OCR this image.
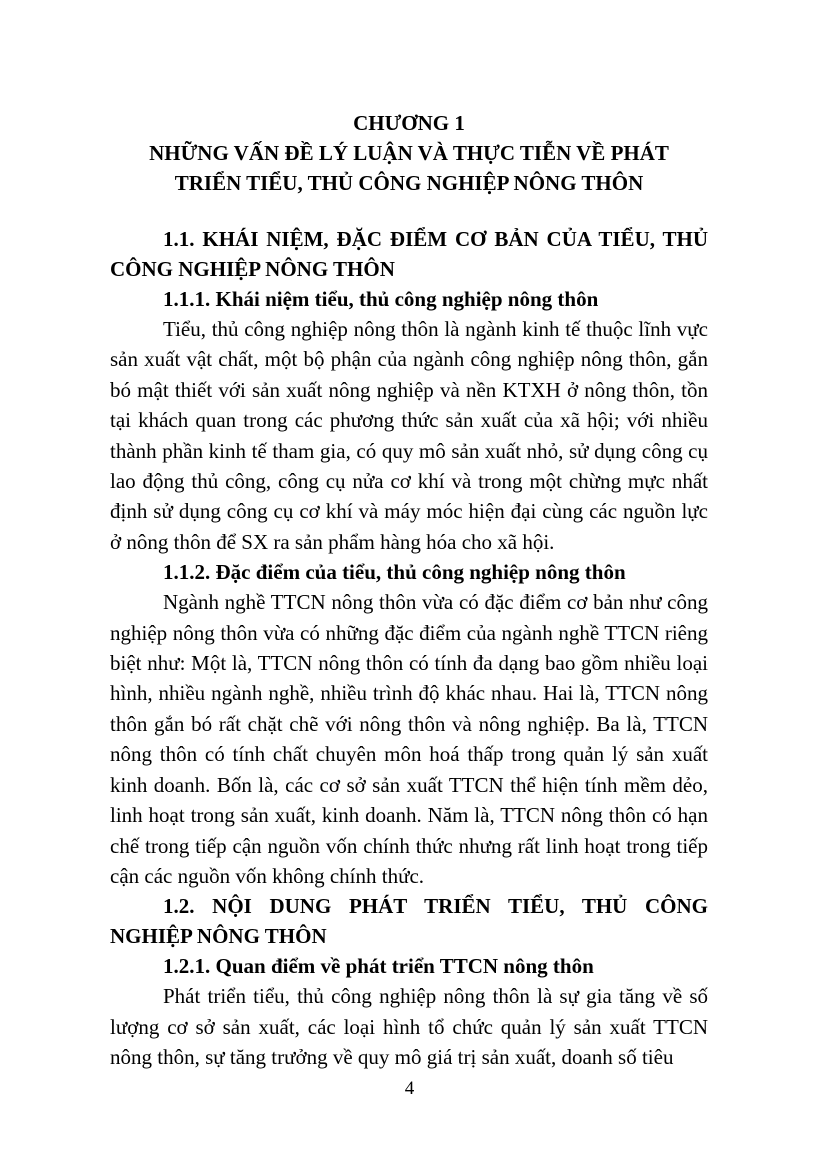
CHƯƠNG 1
NHỮNG VẤN ĐỀ LÝ LUẬN VÀ THỰC TIỄN VỀ PHÁT
TRIỂN TIỂU, THỦ CÔNG NGHIỆP NÔNG THÔN
1.1. KHÁI NIỆM, ĐẶC ĐIỂM CƠ BẢN CỦA TIỂU, THỦ CÔNG NGHIỆP NÔNG THÔN
1.1.1. Khái niệm tiểu, thủ công nghiệp nông thôn

Tiểu, thủ công nghiệp nông thôn là ngành kinh tế thuộc lĩnh vực sản xuất vật chất, một bộ phận của ngành công nghiệp nông thôn, gắn bó mật thiết với sản xuất nông nghiệp và nền KTXH ở nông thôn, tồn tại khách quan trong các phương thức sản xuất của xã hội; với nhiều thành phần kinh tế tham gia, có quy mô sản xuất nhỏ, sử dụng công cụ lao động thủ công, công cụ nửa cơ khí và trong một chừng mực nhất định sử dụng công cụ cơ khí và máy móc hiện đại cùng các nguồn lực ở nông thôn để SX ra sản phẩm hàng hóa cho xã hội.

1.1.2. Đặc điểm của tiểu, thủ công nghiệp nông thôn

Ngành nghề TTCN nông thôn vừa có đặc điểm cơ bản như công nghiệp nông thôn vừa có những đặc điểm của ngành nghề TTCN riêng biệt như: Một là, TTCN nông thôn có tính đa dạng bao gồm nhiều loại hình, nhiều ngành nghề, nhiều trình độ khác nhau. Hai là, TTCN nông thôn gắn bó rất chặt chẽ với nông thôn và nông nghiệp. Ba là, TTCN nông thôn có tính chất chuyên môn hoá thấp trong quản lý sản xuất kinh doanh. Bốn là, các cơ sở sản xuất TTCN thể hiện tính mềm dẻo, linh hoạt trong sản xuất, kinh doanh. Năm là, TTCN nông thôn có hạn chế trong tiếp cận nguồn vốn chính thức nhưng rất linh hoạt trong tiếp cận các nguồn vốn không chính thức.

1.2. NỘI DUNG PHÁT TRIỂN TIỂU, THỦ CÔNG NGHIỆP NÔNG THÔN
1.2.1. Quan điểm về phát triển TTCN nông thôn

Phát triển tiểu, thủ công nghiệp nông thôn là sự gia tăng về số lượng cơ sở sản xuất, các loại hình tổ chức quản lý sản xuất TTCN nông thôn, sự tăng trưởng về quy mô giá trị sản xuất, doanh số tiêu

4
